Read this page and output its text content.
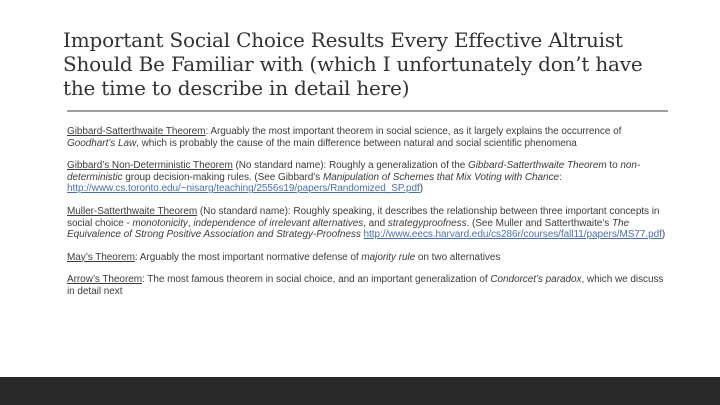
Important Social Choice Results Every Effective Altruist Should Be Familiar with (which I unfortunately don’t have the time to describe in detail here)

Gibbard-Satterthwaite Theorem: Arguably the most important theorem in social science, as it largely explains the occurrence of Goodhart’s Law, which is probably the cause of the main difference between natural and social scientific phenomena

Gibbard’s Non-Deterministic Theorem (No standard name): Roughly a generalization of the Gibbard-Satterthwaite Theorem to non-deterministic group decision-making rules. (See Gibbard’s Manipulation of Schemes that Mix Voting with Chance: http://www.cs.toronto.edu/~nisarg/teaching/2556s19/papers/Randomized_SP.pdf)

Muller-Satterthwaite Theorem (No standard name): Roughly speaking, it describes the relationship between three important concepts in social choice - monotonicity, independence of irrelevant alternatives, and strategyproofness. (See Muller and Satterthwaite’s The Equivalence of Strong Positive Association and Strategy-Proofness http://www.eecs.harvard.edu/cs286r/courses/fall11/papers/MS77.pdf)

May’s Theorem: Arguably the most important normative defense of majority rule on two alternatives

Arrow’s Theorem: The most famous theorem in social choice, and an important generalization of Condorcet’s paradox, which we discuss in detail next
